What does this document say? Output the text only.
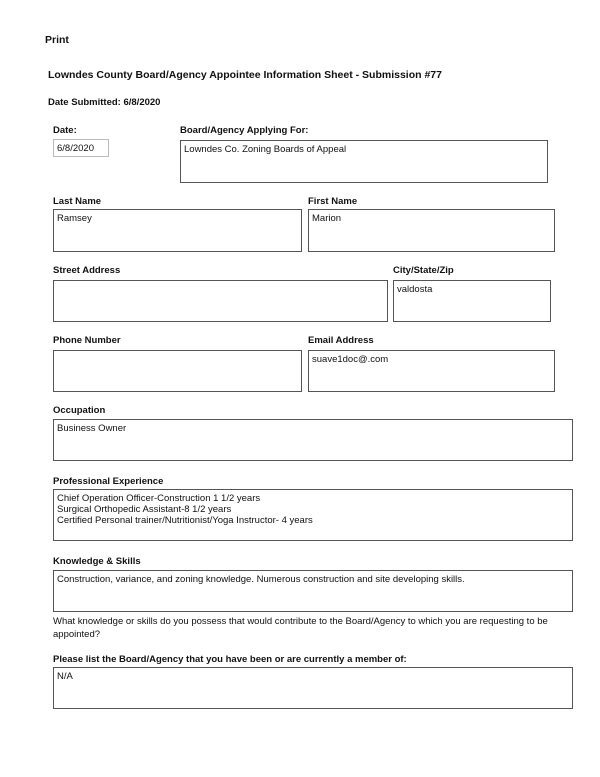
Print
Lowndes County Board/Agency Appointee Information Sheet - Submission #77
Date Submitted: 6/8/2020
Date:
6/8/2020
Board/Agency Applying For:
Lowndes Co. Zoning Boards of Appeal
Last Name
Ramsey
First Name
Marion
Street Address	City/State/Zip
valdosta
Phone Number	Email Address
suave1doc@.com
Occupation
Business Owner
Professional Experience
Chief Operation Officer-Construction 1 1/2 years
Surgical Orthopedic Assistant-8 1/2 years
Certified Personal trainer/Nutritionist/Yoga Instructor- 4 years
Knowledge & Skills
Construction, variance, and zoning knowledge. Numerous construction and site developing skills.
What knowledge or skills do you possess that would contribute to the Board/Agency to which you are requesting to be appointed?
Please list the Board/Agency that you have been or are currently a member of:
N/A
